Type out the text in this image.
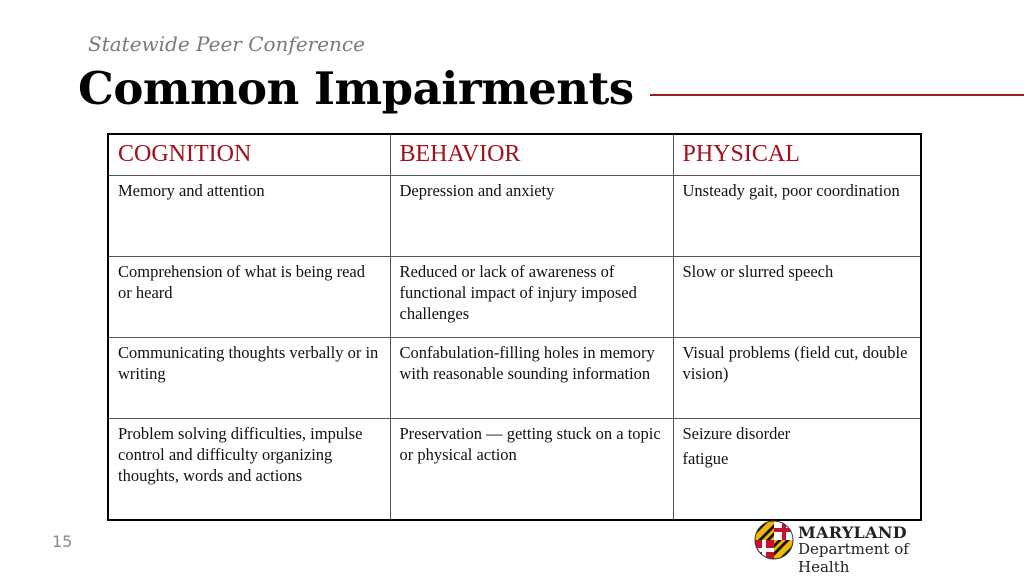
Statewide Peer Conference
Common Impairments
COGNITION	BEHAVIOR	PHYSICAL
Memory and attention	Depression and anxiety	Unsteady gait, poor coordination
Comprehension of what is being read or heard	Reduced or lack of awareness of functional impact of injury imposed challenges	Slow or slurred speech
Communicating thoughts verbally or in writing	Confabulation-filling holes in memory with reasonable sounding information	Visual problems (field cut, double vision)
Problem solving difficulties, impulse control and difficulty organizing thoughts, words and actions	Preservation — getting stuck on a topic or physical action	Seizure disorder
fatigue
15	MARYLAND
Department of Health
